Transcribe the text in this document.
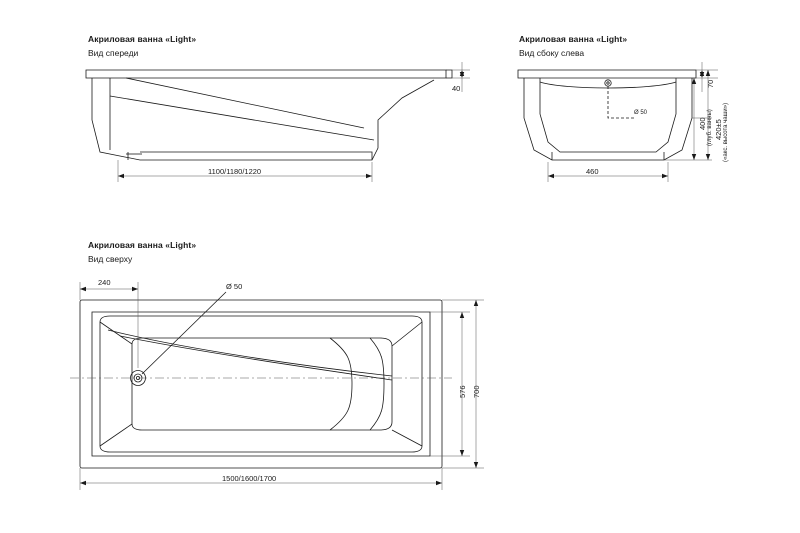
Акриловая ванна «Light»
Вид спереди
1100/1180/1220
40
Акриловая ванна «Light»
Вид сбоку слева
460
70
400 (глуб. ванны) 420±5 («акс. высота чаши»)
Ø 50
Акриловая ванна «Light»
Вид сверху
240	Ø 50
576 700
1500/1600/1700
